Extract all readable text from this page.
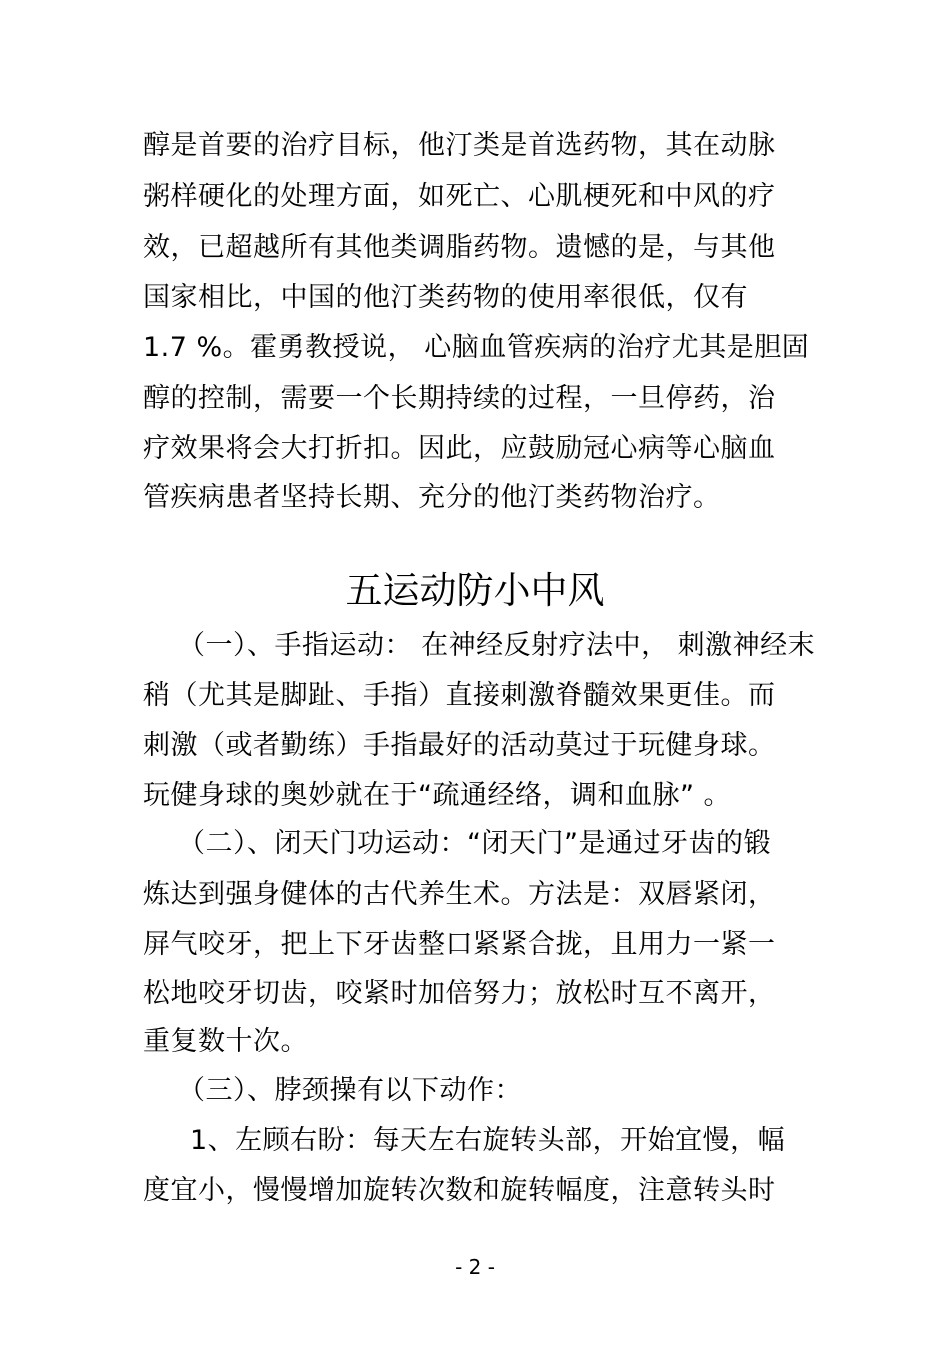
醇是首要的治疗目标，他汀类是首选药物，其在动脉
粥样硬化的处理方面，如死亡、心肌梗死和中风的疗
效，已超越所有其他类调脂药物。遗憾的是，与其他
国家相比，中国的他汀类药物的使用率很低，仅有
1.7 %。霍勇教授说， 心脑血管疾病的治疗尤其是胆固
醇的控制，需要一个长期持续的过程，一旦停药，治
疗效果将会大打折扣。因此，应鼓励冠心病等心脑血
管疾病患者坚持长期、充分的他汀类药物治疗。
五运动防小中风
（一）、手指运动： 在神经反射疗法中， 刺激神经末
稍（尤其是脚趾、手指）直接刺激脊髓效果更佳。而
刺激（或者勤练）手指最好的活动莫过于玩健身球。
玩健身球的奥妙就在于“疏通经络，调和血脉” 。
（二）、闭天门功运动：“闭天门”是通过牙齿的锻
炼达到强身健体的古代养生术。方法是：双唇紧闭，
屏气咬牙，把上下牙齿整口紧紧合拢，且用力一紧一
松地咬牙切齿，咬紧时加倍努力；放松时互不离开，
重复数十次。
（三）、脖颈操有以下动作：
1、左顾右盼：每天左右旋转头部，开始宜慢，幅
度宜小，慢慢增加旋转次数和旋转幅度，注意转头时
- 2 -
